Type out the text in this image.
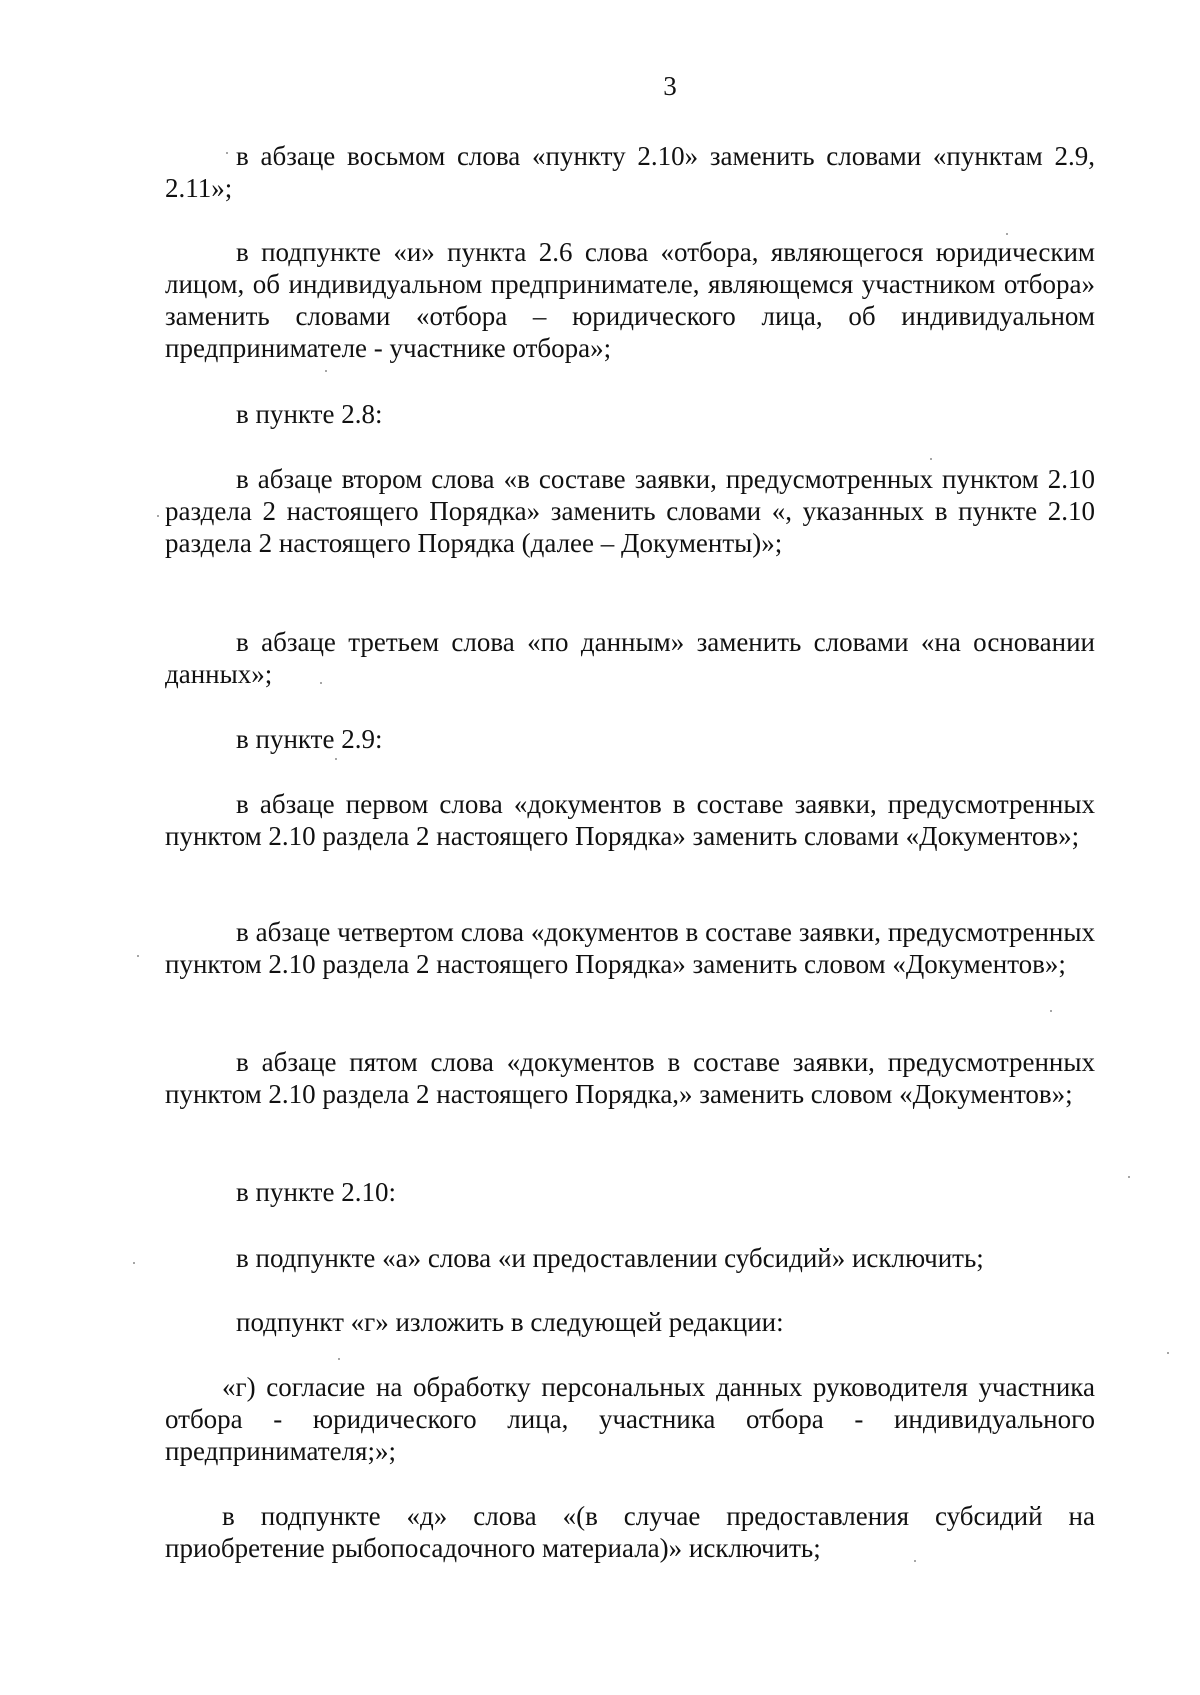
3

в абзаце восьмом слова «пункту 2.10» заменить словами «пунктам 2.9, 2.11»;

в подпункте «и» пункта 2.6 слова «отбора, являющегося юридическим лицом, об индивидуальном предпринимателе, являющемся участником отбора» заменить словами «отбора – юридического лица, об индивидуальном предпринимателе - участнике отбора»;

в пункте 2.8:

в абзаце втором слова «в составе заявки, предусмотренных пунктом 2.10 раздела 2 настоящего Порядка» заменить словами «, указанных в пункте 2.10 раздела 2 настоящего Порядка (далее – Документы)»;

в абзаце третьем слова «по данным» заменить словами «на основании данных»;

в пункте 2.9:

в абзаце первом слова «документов в составе заявки, предусмотренных пунктом 2.10 раздела 2 настоящего Порядка» заменить словами «Документов»;

в абзаце четвертом слова «документов в составе заявки, предусмотренных пунктом 2.10 раздела 2 настоящего Порядка» заменить словом «Документов»;

в абзаце пятом слова «документов в составе заявки, предусмотренных пунктом 2.10 раздела 2 настоящего Порядка,» заменить словом «Документов»;

в пункте 2.10:

в подпункте «а» слова «и предоставлении субсидий» исключить;

подпункт «г» изложить в следующей редакции:

«г) согласие на обработку персональных данных руководителя участника отбора - юридического лица, участника отбора - индивидуального предпринимателя;»;

в подпункте «д» слова «(в случае предоставления субсидий на приобретение рыбопосадочного материала)» исключить;
